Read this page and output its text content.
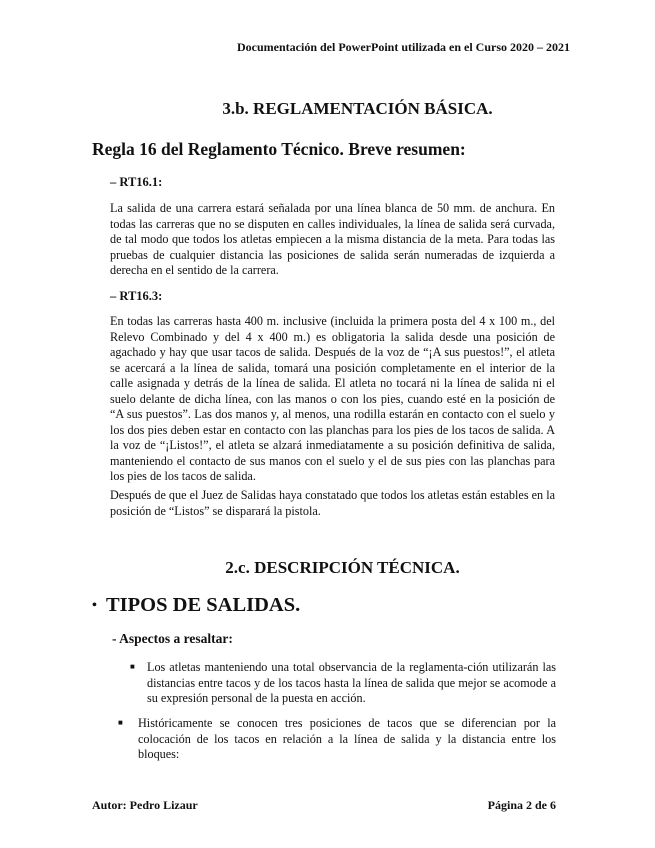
Documentación del PowerPoint utilizada en el Curso 2020 – 2021
3.b. REGLAMENTACIÓN BÁSICA.
Regla 16 del Reglamento Técnico. Breve resumen:
– RT16.1:
La salida de una carrera estará señalada por una línea blanca de 50 mm. de anchura. En todas las carreras que no se disputen en calles individuales, la línea de salida será curvada, de tal modo que todos los atletas empiecen a la misma distancia de la meta. Para todas las pruebas de cualquier distancia las posiciones de salida serán numeradas de izquierda a derecha en el sentido de la carrera.
– RT16.3:
En todas las carreras hasta 400 m. inclusive (incluida la primera posta del 4 x 100 m., del Relevo Combinado y del 4 x 400 m.) es obligatoria la salida desde una posición de agachado y hay que usar tacos de salida. Después de la voz de “¡A sus puestos!”, el atleta se acercará a la línea de salida, tomará una posición completamente en el interior de la calle asignada y detrás de la línea de salida. El atleta no tocará ni la línea de salida ni el suelo delante de dicha línea, con las manos o con los pies, cuando esté en la posición de “A sus puestos”. Las dos manos y, al menos, una rodilla estarán en contacto con el suelo y los dos pies deben estar en contacto con las planchas para los pies de los tacos de salida. A la voz de “¡Listos!”, el atleta se alzará inmediatamente a su posición definitiva de salida, manteniendo el contacto de sus manos con el suelo y el de sus pies con las planchas para los pies de los tacos de salida.
Después de que el Juez de Salidas haya constatado que todos los atletas están estables en la posición de “Listos” se disparará la pistola.
2.c. DESCRIPCIÓN TÉCNICA.
• TIPOS DE SALIDAS.
- Aspectos a resaltar:
■ Los atletas manteniendo una total observancia de la reglamenta-ción utilizarán las distancias entre tacos y de los tacos hasta la línea de salida que mejor se acomode a su expresión personal de la puesta en acción.
■ Históricamente se conocen tres posiciones de tacos que se diferencian por la colocación de los tacos en relación a la línea de salida y la distancia entre los bloques:
Autor: Pedro Lizaur	Página 2 de 6
